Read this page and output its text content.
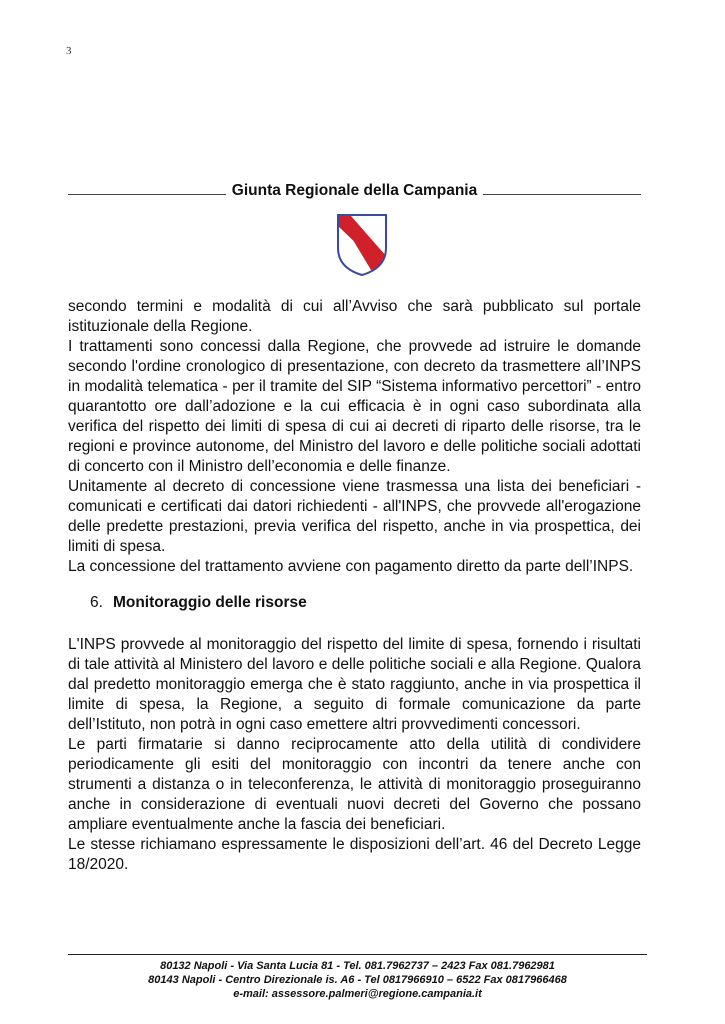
3
Giunta Regionale della Campania

secondo termini e modalità di cui all’Avviso che sarà pubblicato sul portale istituzionale della Regione.

I trattamenti sono concessi dalla Regione, che provvede ad istruire le domande secondo l'ordine cronologico di presentazione, con decreto da trasmettere all’INPS in modalità telematica - per il tramite del SIP “Sistema informativo percettori” - entro quarantotto ore dall’adozione e la cui efficacia è in ogni caso subordinata alla verifica del rispetto dei limiti di spesa di cui ai decreti di riparto delle risorse, tra le regioni e province autonome, del Ministro del lavoro e delle politiche sociali adottati di concerto con il Ministro dell’economia e delle finanze.

Unitamente al decreto di concessione viene trasmessa una lista dei beneficiari - comunicati e certificati dai datori richiedenti - all'INPS, che provvede all'erogazione delle predette prestazioni, previa verifica del rispetto, anche in via prospettica, dei limiti di spesa.

La concessione del trattamento avviene con pagamento diretto da parte dell’INPS.

6. Monitoraggio delle risorse

L'INPS provvede al monitoraggio del rispetto del limite di spesa, fornendo i risultati di tale attività al Ministero del lavoro e delle politiche sociali e alla Regione. Qualora dal predetto monitoraggio emerga che è stato raggiunto, anche in via prospettica il limite di spesa, la Regione, a seguito di formale comunicazione da parte dell’Istituto, non potrà in ogni caso emettere altri provvedimenti concessori.

Le parti firmatarie si danno reciprocamente atto della utilità di condividere periodicamente gli esiti del monitoraggio con incontri da tenere anche con strumenti a distanza o in teleconferenza, le attività di monitoraggio proseguiranno anche in considerazione di eventuali nuovi decreti del Governo che possano ampliare eventualmente anche la fascia dei beneficiari.

Le stesse richiamano espressamente le disposizioni dell’art. 46 del Decreto Legge 18/2020.

80132 Napoli - Via Santa Lucia 81 - Tel. 081.7962737 – 2423 Fax 081.7962981
80143 Napoli - Centro Direzionale is. A6 - Tel 0817966910 – 6522 Fax 0817966468
e-mail: assessore.palmeri@regione.campania.it
